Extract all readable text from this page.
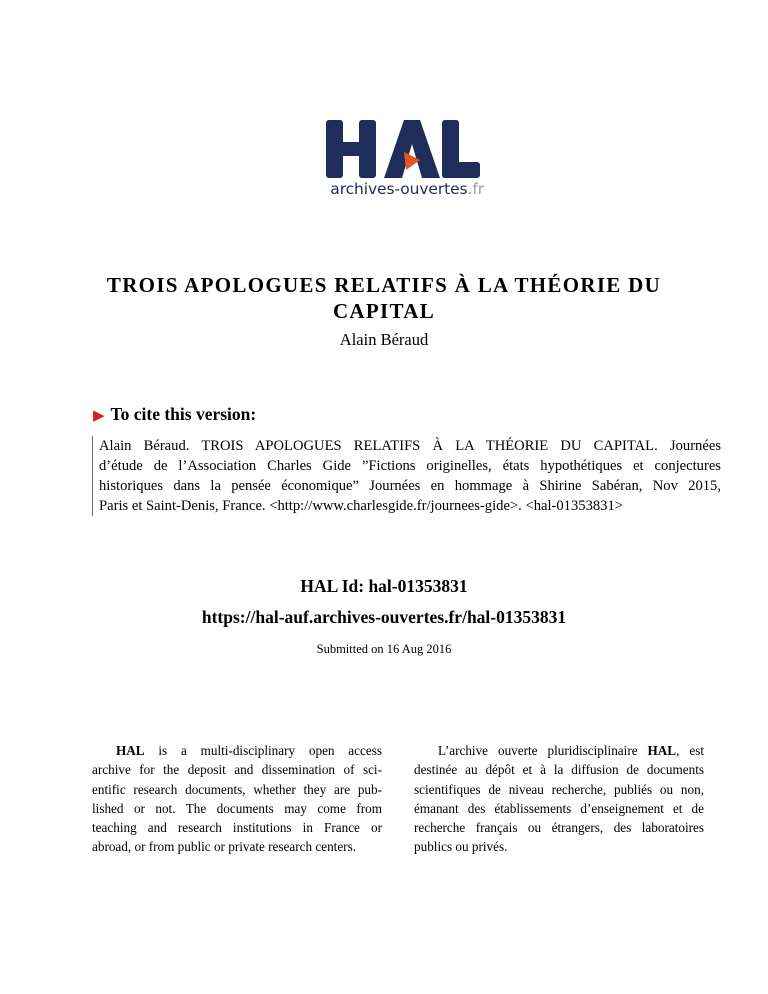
archives-ouvertes.fr
TROIS APOLOGUES RELATIFS À LA THÉORIE DU
CAPITAL
Alain Béraud
▶ To cite this version:
Alain Béraud. TROIS APOLOGUES RELATIFS À LA THÉORIE DU CAPITAL. Journées
d’étude de l’Association Charles Gide ”Fictions originelles, états hypothétiques et conjectures
historiques dans la pensée économique” Journées en hommage à Shirine Sabéran, Nov 2015,
Paris et Saint-Denis, France. <http://www.charlesgide.fr/journees-gide>. <hal-01353831>
HAL Id: hal-01353831
https://hal-auf.archives-ouvertes.fr/hal-01353831
Submitted on 16 Aug 2016
HAL is a multi-disciplinary open access
archive for the deposit and dissemination of sci-
entific research documents, whether they are pub-
lished or not. The documents may come from
teaching and research institutions in France or
abroad, or from public or private research centers.
L’archive ouverte pluridisciplinaire HAL, est
destinée au dépôt et à la diffusion de documents
scientifiques de niveau recherche, publiés ou non,
émanant des établissements d’enseignement et de
recherche français ou étrangers, des laboratoires
publics ou privés.
